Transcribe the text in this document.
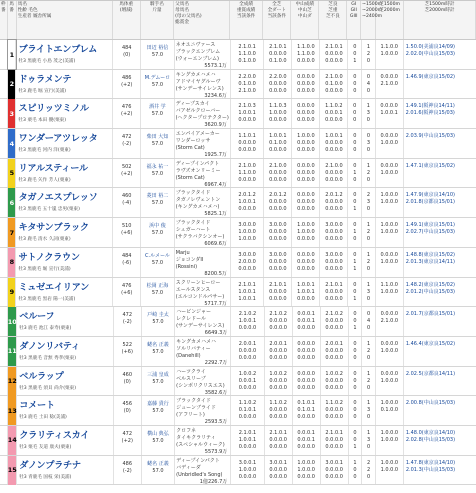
枠番
馬番
馬名
性齢 毛色
生産者 厩舎所属
馬体重
(増減)
騎手名
斤量
父馬名
母馬名
(母の父馬名)
総賞金
全成績
重賞成績
当該条件
全芝
全ダート
当該条件
中山成績
中山芝
中山ダ
芝良
芝重
芝不良
GI
GII
GIII
~1500m
~2000m
~2400m
芝1500m
芝2000m
芝1500m時計
芝2000m時計
1 ブライトエンブレム
牡3 黒鹿毛 小島 茂之(美浦)
484
(0)
田辺 裕信
57.0
ネオユニヴァース
ブラックエンブレム
(ウォーエンブレム)
5573.1万
2.1.0.1
1.1.0.0
0.1.0.0
2.1.0.1
0.0.0.0
0.1.0.0
1.1.0.0
1.1.0.0
0.0.0.0
2.1.0.1
0.0.0.0
0.0.0.0
0
0
1
1
2
0
1.1.0.0
1.0.0.0
1.50.0(美浦良14/09)
2.02.0(中山良15/03)
2 ドゥラメンテ
牡3 鹿毛 堀 宣行(美浦)
486
(+2)
M.デムーロ
57.0
キングカメハメハ
アドマイヤグルーヴ
(サンデーサイレンス)
3234.6万
2.2.0.0
0.1.0.0
2.1.0.0
2.2.0.0
0.0.0.0
0.0.0.0
0.0.0.0
0.0.0.0
0.0.0.0
2.1.0.0
0.1.0.0
0.0.0.0
0
0
0
0
4
0
0.0.0.0
2.1.0.0
1.46.9(東京良15/02)
3 スピリッツミノル
牡3 栗毛 本田 優(栗東)
476
(+2)
酒井 学
57.0
ディープスカイ
バアゼルクローバー
(ヘクタープロテクター)
3620.9万
2.1.0.3
1.0.0.1
0.0.0.0
1.1.0.3
1.0.0.0
0.0.0.0
0.0.0.0
0.0.0.0
0.0.0.0
1.1.0.2
0.0.0.1
0.0.0.0
0
0
0
1
3
0
0.0.0.0
1.0.0.1
1.49.1(阪神良14/11)
2.01.6(阪神良15/03)
4 ワンダーアツレッタ
牡3 黒鹿毛 河内 洋(栗東)
472
(-2)
柴田 大知
57.0
エンパイアメーカー
ワンダーロッサ
(Storm Cat)
1925.7万
1.1.0.1
0.0.0.0
0.0.0.0
1.0.0.1
0.1.0.0
0.0.0.0
1.0.0.0
0.0.0.0
0.0.0.0
1.0.0.1
0.0.0.0
0.0.0.0
0
0
0
0
3
0
0.0.0.0
1.0.0.0
2.03.9(中山良15/03)
5 リアルスティール
牡3 鹿毛 矢作 芳人(栗東)
502
(+2)
福永 祐一
57.0
ディープインパクト
ラヴズオンリーミー
(Storm Cat)
6967.4万
2.1.0.0
1.1.0.0
0.0.0.0
2.1.0.0
0.0.0.0
0.0.0.0
0.0.0.0
0.0.0.0
0.0.0.0
2.1.0.0
0.0.0.0
0.0.0.0
0
1
0
1
2
0
0.0.0.0
1.0.0.0
1.47.1(東京良15/02)
6 タガノエスプレッソ
牡3 黒鹿毛 五十嵐 忠男(栗東)
460
(-4)
菱田 裕二
57.0
ブラックタイド
タガノレヴェントン
(キングカメハメハ)
5825.1万
2.0.1.2
1.0.0.1
0.0.0.0
2.0.1.2
0.0.0.0
0.0.0.0
0.0.0.0
0.0.0.0
0.0.0.0
2.0.1.2
0.0.0.0
0.0.0.0
0
0
1
2
3
0
1.0.0.0
1.0.0.0
1.47.9(東京良14/10)
2.01.8(京都良15/01)
7 キタサンブラック
牡3 鹿毛 清水 久詞(栗東)
510
(+6)
浜中 俊
57.0
ブラックタイド
シュガーハート
(サクラバクシンオー)
6069.6万
3.0.0.0
1.0.0.0
1.0.0.0
3.0.0.0
0.0.0.0
0.0.0.0
1.0.0.0
1.0.0.0
0.0.0.0
3.0.0.0
0.0.0.0
0.0.0.0
0
1
0
1
2
0
1.0.0.0
1.0.0.0
1.49.1(東京良15/01)
2.02.7(中山良15/03)
8 サトノクラウン
牡3 黒鹿毛 堀 宣行(美浦)
484
(-6)
C.ルメール
57.0
Marju
ジョコンダII
(Rossini)
8200.5万
3.0.0.0
2.0.0.0
0.0.0.0
3.0.0.0
0.0.0.0
0.0.0.0
0.0.0.0
0.0.0.0
0.0.0.0
3.0.0.0
0.0.0.0
0.0.0.0
0
1
1
1
2
0
0.0.0.0
1.0.0.0
1.48.8(東京良15/02)
2.01.3(東京良14/11)
9 ミュゼエイリアン
牡3 黒鹿毛 黒岩 陽一(美浦)
476
(+6)
松岡 正海
57.0
スクリーンヒーロー
エールスタンス
(エルコンドルパサー)
5717.7万
2.1.0.1
1.0.0.1
1.0.0.1
2.1.0.1
0.0.0.0
0.0.0.0
1.0.0.1
1.0.0.1
0.0.0.0
2.1.0.1
0.0.0.0
0.0.0.0
0
0
1
1
3
0
1.1.0.0
1.0.0.0
1.48.2(東京良15/02)
2.01.2(中山良15/03)
10 ベルーフ
牡3 鹿毛 池江 泰寿(栗東)
472
(-2)
戸崎 圭太
57.0
ハービンジャー
レクレドール
(サンデーサイレンス)
6649.3万
2.1.0.2
1.0.0.1
0.0.0.0
2.1.0.2
0.0.0.0
0.0.0.0
0.0.0.1
0.0.0.1
0.0.0.0
2.1.0.2
0.0.0.0
0.0.0.0
0
0
1
0
4
0
0.0.0.0
2.1.0.0
2.01.7(京都良15/01)
11 ダノンリバティ
牡3 黒鹿毛 音無 秀孝(栗東)
522
(+6)
蛯名 正義
57.0
キングカメハメハ
ソルリバティー
(Danehill)
2292.7万
2.0.0.1
0.0.0.0
0.0.0.0
2.0.0.1
0.0.0.0
0.0.0.0
0.0.0.0
0.0.0.0
0.0.0.0
2.0.0.1
0.0.0.0
0.0.0.0
0
0
0
1
2
0
0.0.0.0
1.0.0.0
1.46.4(東京良15/02)
12 ベルラップ
牡3 黒鹿毛 須貝 尚介(栗東)
460
(0)
三浦 皇成
57.0
ハーツクライ
ベルスリーブ
(シンボリクリスエス)
3582.6万
1.0.0.2
0.0.0.1
0.0.0.0
1.0.0.2
0.0.0.0
0.0.0.0
0.0.0.0
0.0.0.0
0.0.0.0
1.0.0.2
0.0.0.0
0.0.0.0
0
0
0
1
2
0
0.0.0.0
1.0.0.0
2.02.5(京都良14/11)
13 コメート
牡3 鹿毛 土田 稔(美浦)
456
(0)
嘉藤 貴行
57.0
ブラックタイド
ジューンブライド
(アフリート)
2593.5万
1.1.0.2
0.1.0.1
0.0.0.0
1.1.0.2
0.0.0.0
0.0.0.0
0.1.0.1
0.1.0.1
0.0.0.0
1.1.0.2
0.0.0.0
0.0.0.0
0
0
0
1
3
0
1.0.0.0
0.1.0.0
2.00.8(中山良15/03)
14 クラリティスカイ
牡3 栗毛 友道 康夫(栗東)
472
(+2)
横山 典弘
57.0
クロフネ
タイキクラリティ
(スペシャルウィーク)
5573.9万
2.1.0.1
1.0.0.1
0.0.0.0
2.1.0.1
0.0.0.0
0.0.0.0
0.0.0.1
0.0.0.1
0.0.0.0
2.1.0.1
0.0.0.0
0.0.0.0
0
0
1
1
3
0
1.0.0.0
1.0.0.0
1.48.0(東京良14/10)
2.02.8(中山良15/03)
15 ダノンプラチナ
牡3 青鹿毛 国枝 栄(美浦)
486
(-2)
蛯名 正義
57.0
ディープインパクト
バディーダ
(Unbridled's Song)
1億226.7万
3.0.0.1
1.0.0.0
0.0.0.0
3.0.0.1
0.0.0.0
0.0.0.0
1.0.0.0
1.0.0.0
0.0.0.0
3.0.0.1
0.0.0.0
0.0.0.0
1
0
0
2
2
0
1.0.0.0
1.0.0.0
1.47.8(東京良14/10)
2.01.3(中山良15/03)
